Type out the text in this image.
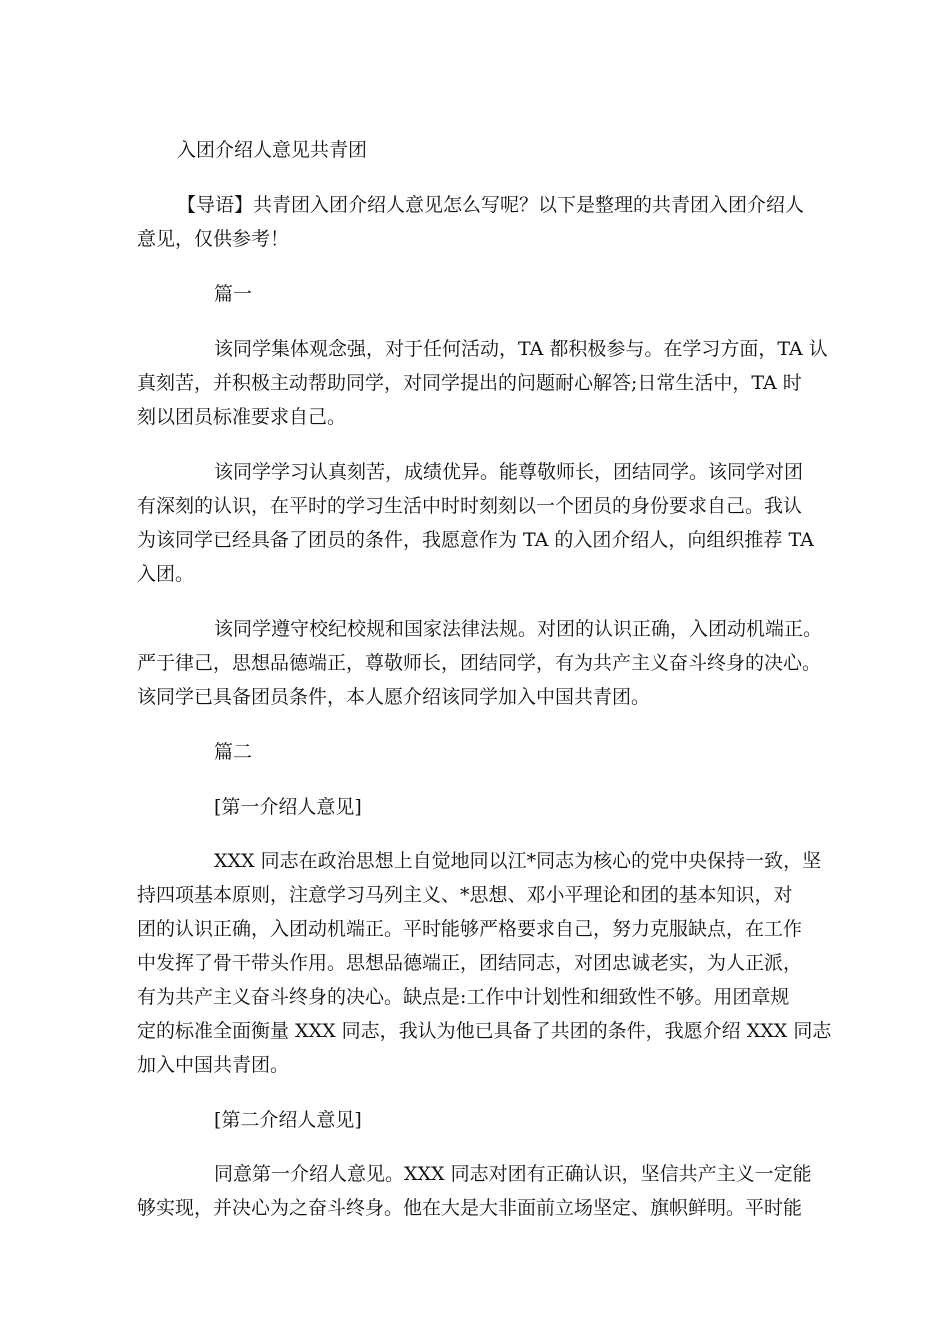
入团介绍人意见共青团
【导语】共青团入团介绍人意见怎么写呢？以下是整理的共青团入团介绍人
意见，仅供参考！
篇一
该同学集体观念强，对于任何活动，TA 都积极参与。在学习方面，TA 认
真刻苦，并积极主动帮助同学，对同学提出的问题耐心解答;日常生活中，TA 时
刻以团员标准要求自己。
该同学学习认真刻苦，成绩优异。能尊敬师长，团结同学。该同学对团
有深刻的认识，在平时的学习生活中时时刻刻以一个团员的身份要求自己。我认
为该同学已经具备了团员的条件，我愿意作为 TA 的入团介绍人，向组织推荐 TA
入团。
该同学遵守校纪校规和国家法律法规。对团的认识正确，入团动机端正。
严于律己，思想品德端正，尊敬师长，团结同学，有为共产主义奋斗终身的决心。
该同学已具备团员条件，本人愿介绍该同学加入中国共青团。
篇二
[第一介绍人意见]
XXX 同志在政治思想上自觉地同以江*同志为核心的党中央保持一致，坚
持四项基本原则，注意学习马列主义、*思想、邓小平理论和团的基本知识，对
团的认识正确，入团动机端正。平时能够严格要求自己，努力克服缺点，在工作
中发挥了骨干带头作用。思想品德端正，团结同志，对团忠诚老实，为人正派，
有为共产主义奋斗终身的决心。缺点是:工作中计划性和细致性不够。用团章规
定的标准全面衡量 XXX 同志，我认为他已具备了共团的条件，我愿介绍 XXX 同志
加入中国共青团。
[第二介绍人意见]
同意第一介绍人意见。XXX 同志对团有正确认识，坚信共产主义一定能
够实现，并决心为之奋斗终身。他在大是大非面前立场坚定、旗帜鲜明。平时能
